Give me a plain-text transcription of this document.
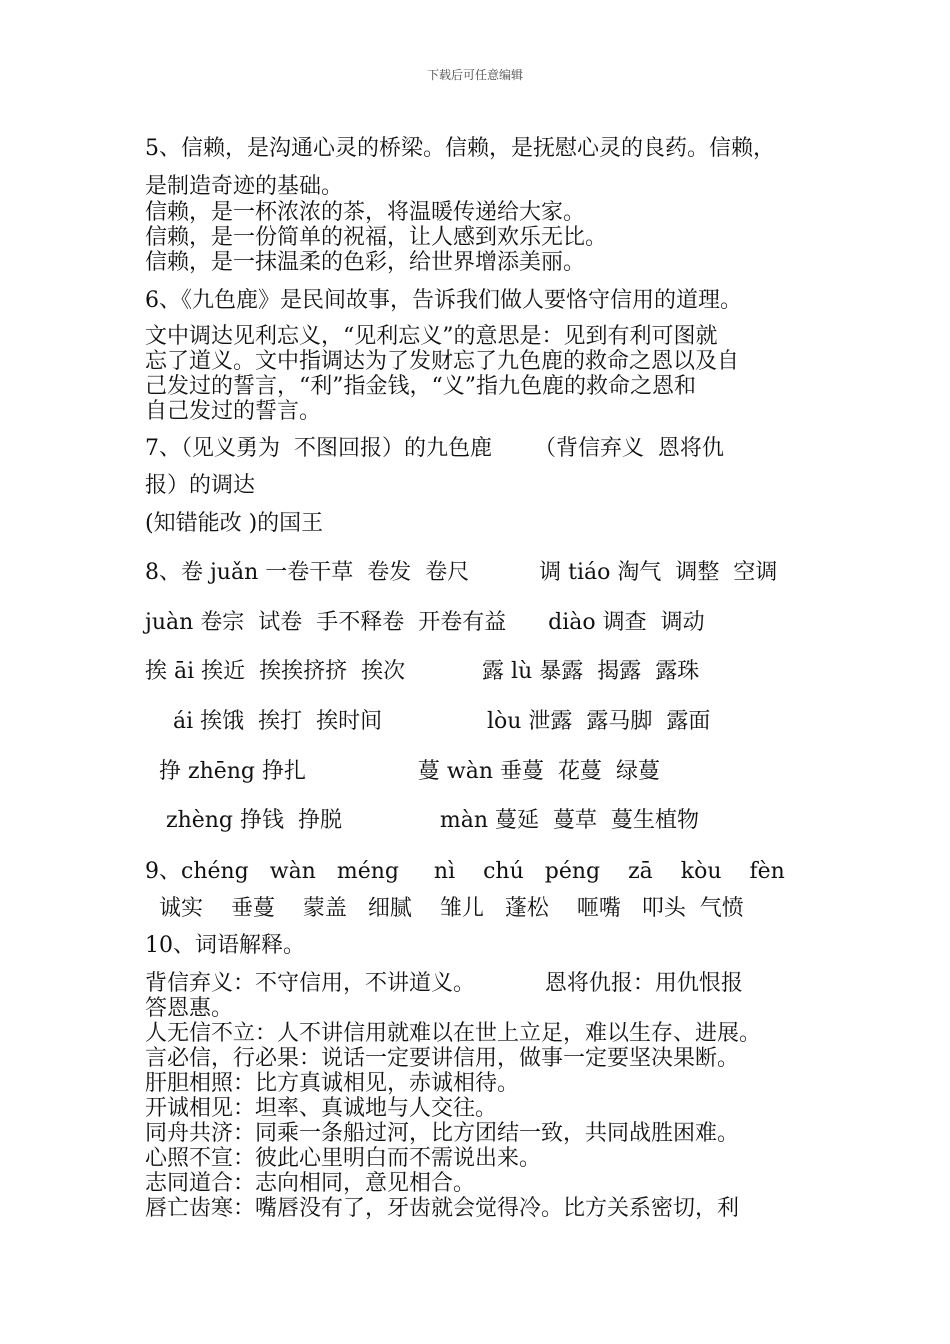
下载后可任意编辑
5、信赖，是沟通心灵的桥梁。信赖，是抚慰心灵的良药。信赖，
是制造奇迹的基础。
信赖，是一杯浓浓的茶，将温暖传递给大家。
信赖，是一份简单的祝福，让人感到欢乐无比。
信赖，是一抹温柔的色彩，给世界增添美丽。
6、《九色鹿》是民间故事，告诉我们做人要恪守信用的道理。
文中调达见利忘义，“见利忘义”的意思是：见到有利可图就
忘了道义。文中指调达为了发财忘了九色鹿的救命之恩以及自
己发过的誓言，“利”指金钱，“义”指九色鹿的救命之恩和
自己发过的誓言。
7、（见义勇为  不图回报）的九色鹿      （背信弃义  恩将仇
报）的调达
(知错能改 )的国王
8、卷 juǎn 一卷干草  卷发  卷尺          调 tiáo 淘气  调整  空调
juàn 卷宗  试卷  手不释卷  开卷有益      diào 调查  调动
挨 āi 挨近  挨挨挤挤  挨次           露 lù 暴露  揭露  露珠
ái 挨饿  挨打  挨时间               lòu 泄露  露马脚  露面
挣 zhēng 挣扎                蔓 wàn 垂蔓  花蔓  绿蔓
zhèng 挣钱  挣脱              màn 蔓延  蔓草  蔓生植物
9、chéng   wàn   méng     nì    chú   péng    zā    kòu    fèn
诚实    垂蔓    蒙盖   细腻    雏儿   蓬松    咂嘴   叩头  气愤
10、词语解释。
背信弃义：不守信用，不讲道义。          恩将仇报：用仇恨报
答恩惠。
人无信不立：人不讲信用就难以在世上立足，难以生存、进展。
言必信，行必果：说话一定要讲信用，做事一定要坚决果断。
肝胆相照：比方真诚相见，赤诚相待。
开诚相见：坦率、真诚地与人交往。
同舟共济：同乘一条船过河，比方团结一致，共同战胜困难。
心照不宣：彼此心里明白而不需说出来。
志同道合：志向相同，意见相合。
唇亡齿寒：嘴唇没有了，牙齿就会觉得冷。比方关系密切，利
